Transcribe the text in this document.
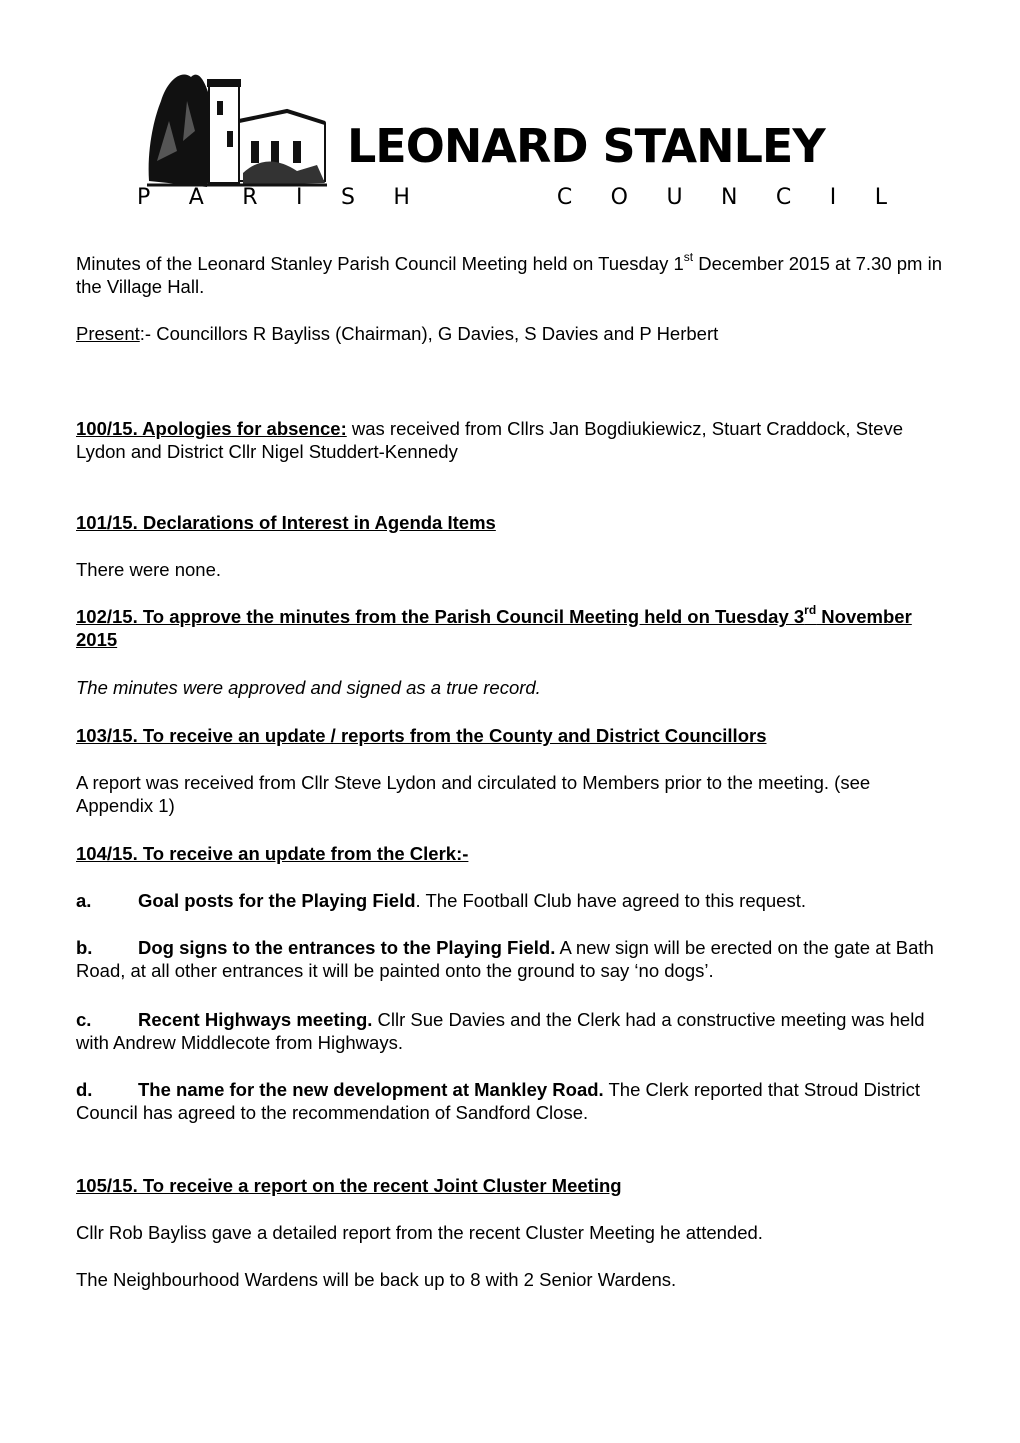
LEONARD STANLEY
P A R I S H	C O U N C I L

Minutes of the Leonard Stanley Parish Council Meeting held on Tuesday 1st December 2015 at 7.30 pm in the Village Hall.

Present:- Councillors R Bayliss (Chairman), G Davies, S Davies and P Herbert

100/15. Apologies for absence: was received from Cllrs Jan Bogdiukiewicz, Stuart Craddock, Steve Lydon and District Cllr Nigel Studdert-Kennedy

101/15. Declarations of Interest in Agenda Items

There were none.

102/15. To approve the minutes from the Parish Council Meeting held on Tuesday 3rd November 2015

The minutes were approved and signed as a true record.

103/15. To receive an update / reports from the County and District Councillors

A report was received from Cllr Steve Lydon and circulated to Members prior to the meeting. (see Appendix 1)

104/15. To receive an update from the Clerk:-

a.	Goal posts for the Playing Field. The Football Club have agreed to this request.

b. Dog signs to the entrances to the Playing Field. A new sign will be erected on the gate at Bath Road, at all other entrances it will be painted onto the ground to say ‘no dogs’.

c.	Recent Highways meeting. Cllr Sue Davies and the Clerk had a constructive meeting was held with Andrew Middlecote from Highways.

d. The name for the new development at Mankley Road. The Clerk reported that Stroud District Council has agreed to the recommendation of Sandford Close.

105/15. To receive a report on the recent Joint Cluster Meeting

Cllr Rob Bayliss gave a detailed report from the recent Cluster Meeting he attended.

The Neighbourhood Wardens will be back up to 8 with 2 Senior Wardens.
